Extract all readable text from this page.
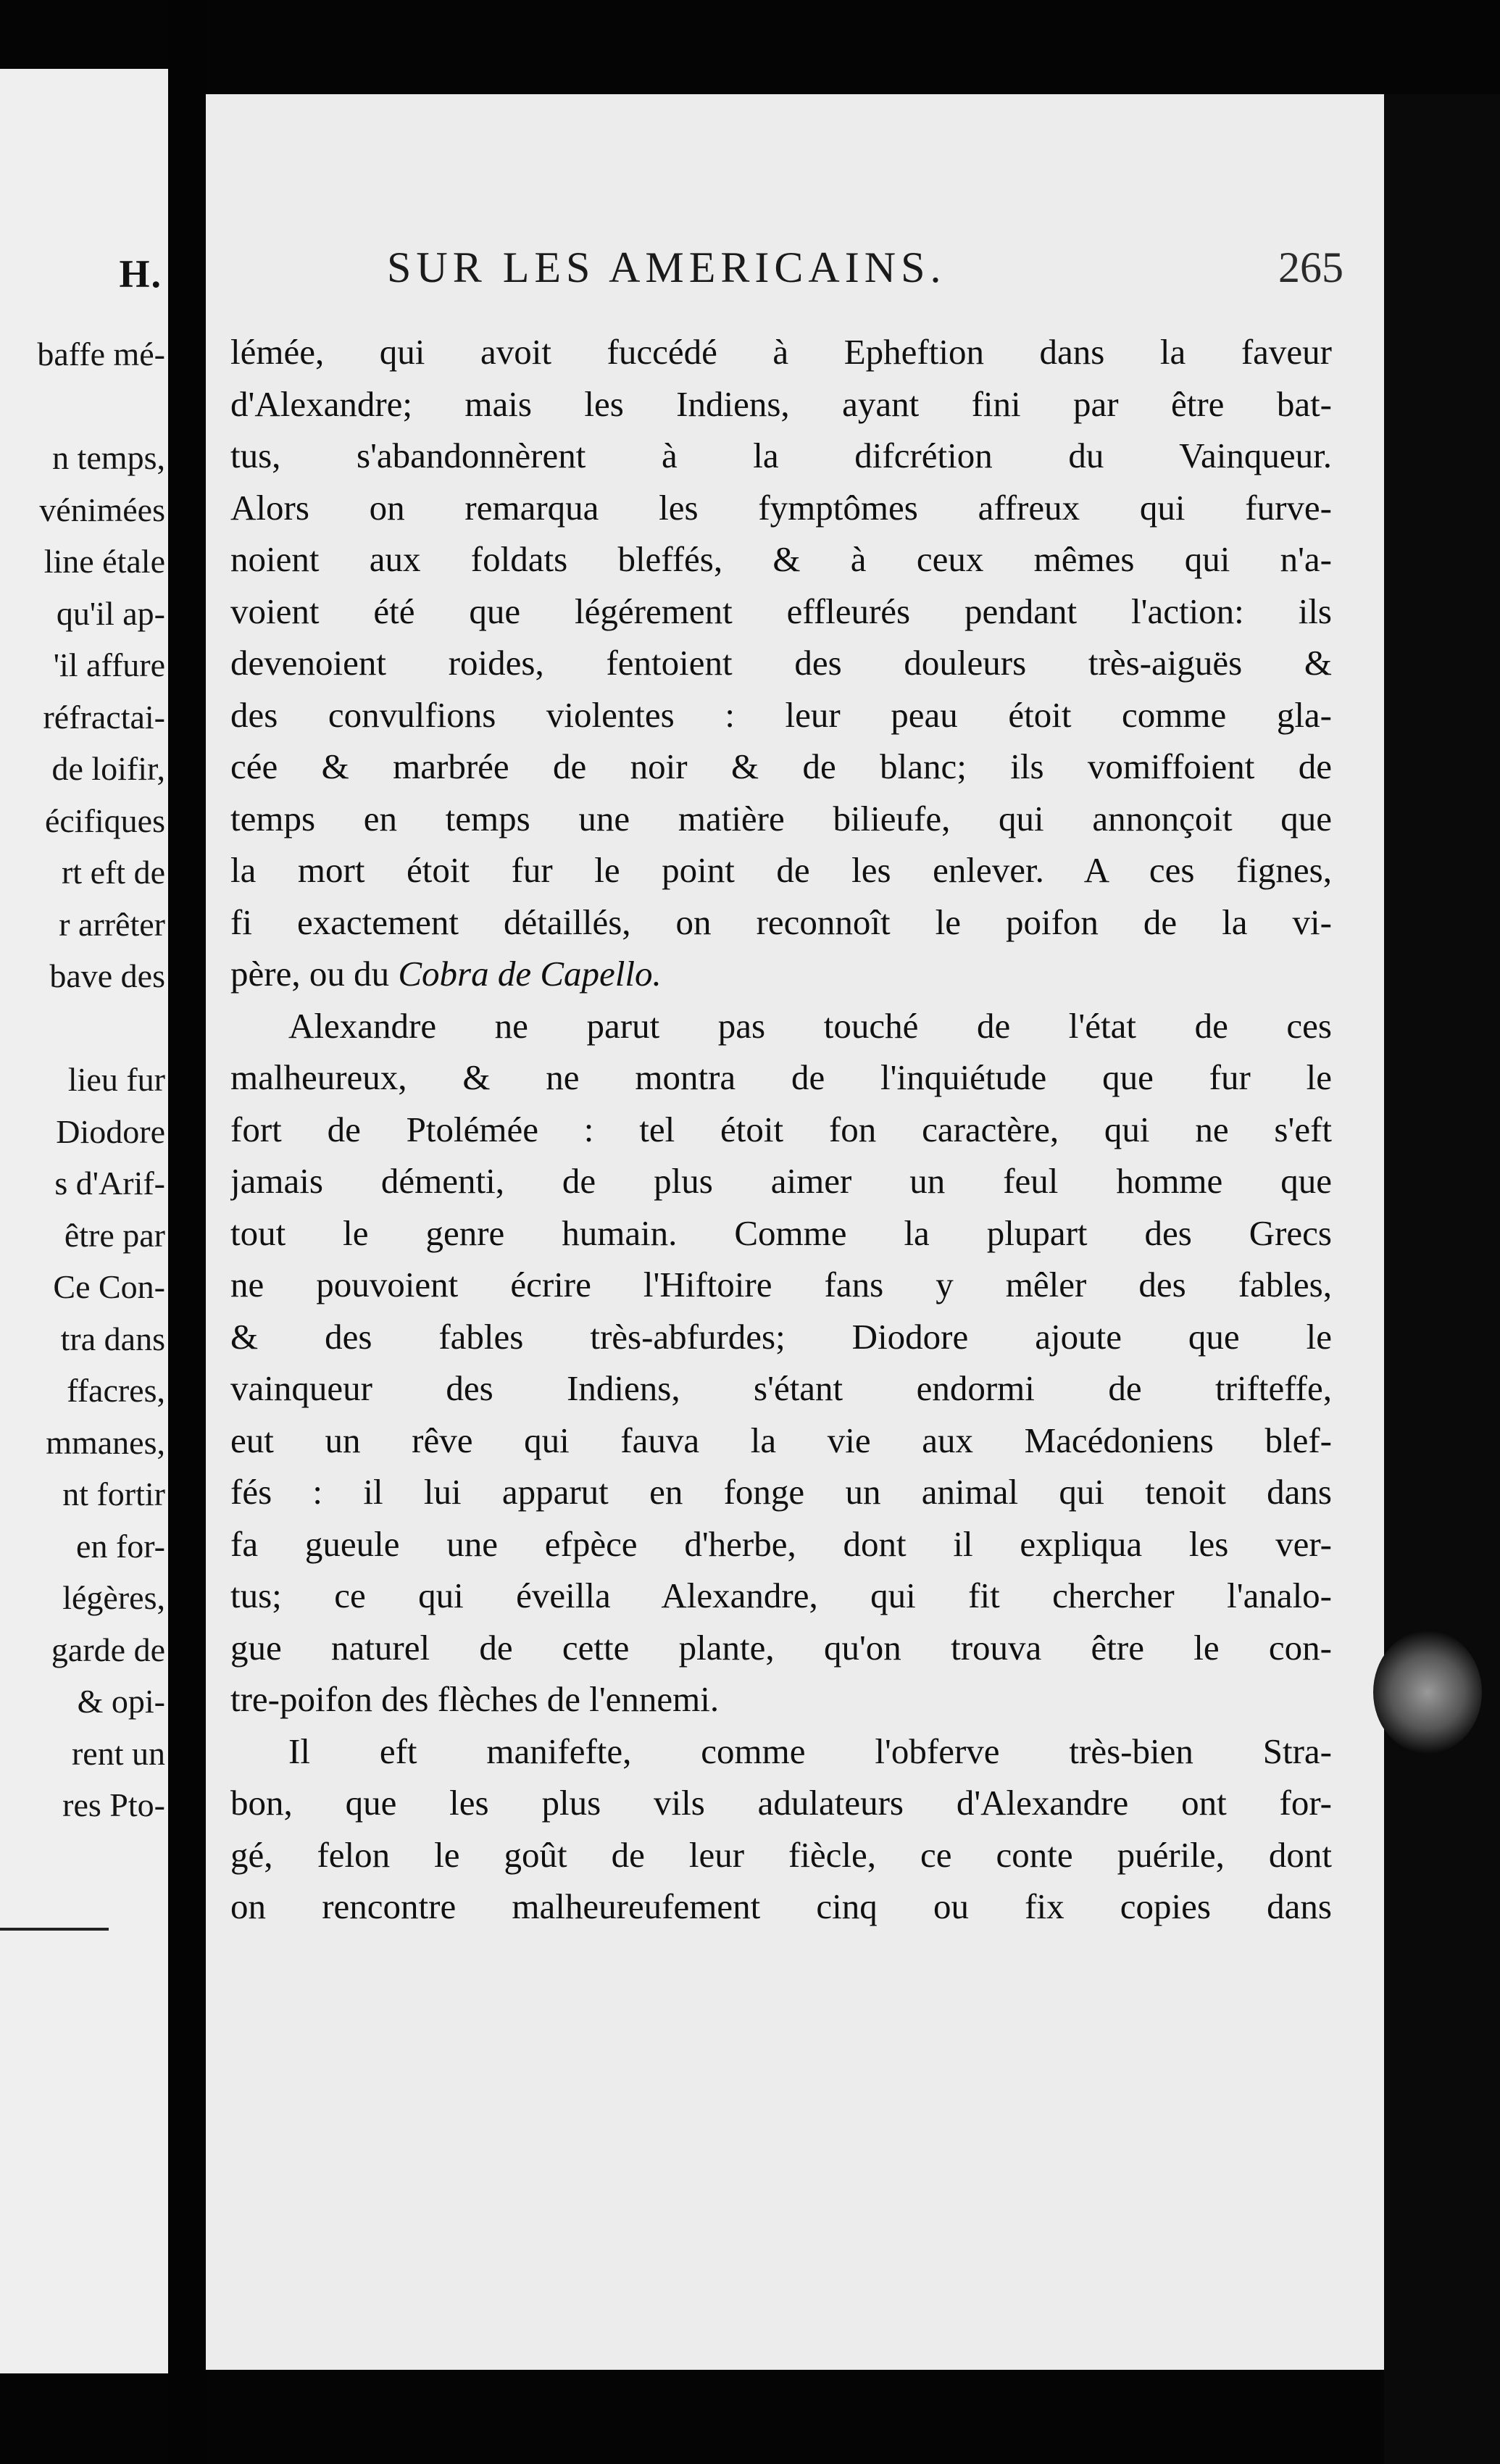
H.
baffe mé-
n temps,
vénimées
line étale
qu'il ap-
'il affure
réfractai-
de loifir,
écifiques
rt eft de
r arrêter
bave des
lieu fur
Diodore
s d'Arif-
être par
Ce Con-
tra dans
ffacres,
mmanes,
nt fortir
en for-
légères,
garde de
& opi-
rent un
res Pto-
SUR LES AMERICAINS.	265
lémée, qui avoit fuccédé à Epheftion dans la faveur
d'Alexandre; mais les Indiens, ayant fini par être bat-
tus, s'abandonnèrent à la difcrétion du Vainqueur.
Alors on remarqua les fymptômes affreux qui furve-
noient aux foldats bleffés, & à ceux mêmes qui n'a-
voient été que légérement effleurés pendant l'action: ils
devenoient roides, fentoient des douleurs très-aiguës &
des convulfions violentes : leur peau étoit comme gla-
cée & marbrée de noir & de blanc; ils vomiffoient de
temps en temps une matière bilieufe, qui annonçoit que
la mort étoit fur le point de les enlever. A ces fignes,
fi exactement détaillés, on reconnoît le poifon de la vi-
père, ou du Cobra de Capello.
Alexandre ne parut pas touché de l'état de ces
malheureux, & ne montra de l'inquiétude que fur le
fort de Ptolémée : tel étoit fon caractère, qui ne s'eft
jamais démenti, de plus aimer un feul homme que
tout le genre humain. Comme la plupart des Grecs
ne pouvoient écrire l'Hiftoire fans y mêler des fables,
& des fables très-abfurdes; Diodore ajoute que le
vainqueur des Indiens, s'étant endormi de trifteffe,
eut un rêve qui fauva la vie aux Macédoniens blef-
fés : il lui apparut en fonge un animal qui tenoit dans
fa gueule une efpèce d'herbe, dont il expliqua les ver-
tus; ce qui éveilla Alexandre, qui fit chercher l'analo-
gue naturel de cette plante, qu'on trouva être le con-
tre-poifon des flèches de l'ennemi.
Il eft manifefte, comme l'obferve très-bien Stra-
bon, que les plus vils adulateurs d'Alexandre ont for-
gé, felon le goût de leur fiècle, ce conte puérile, dont
on rencontre malheureufement cinq ou fix copies dans
